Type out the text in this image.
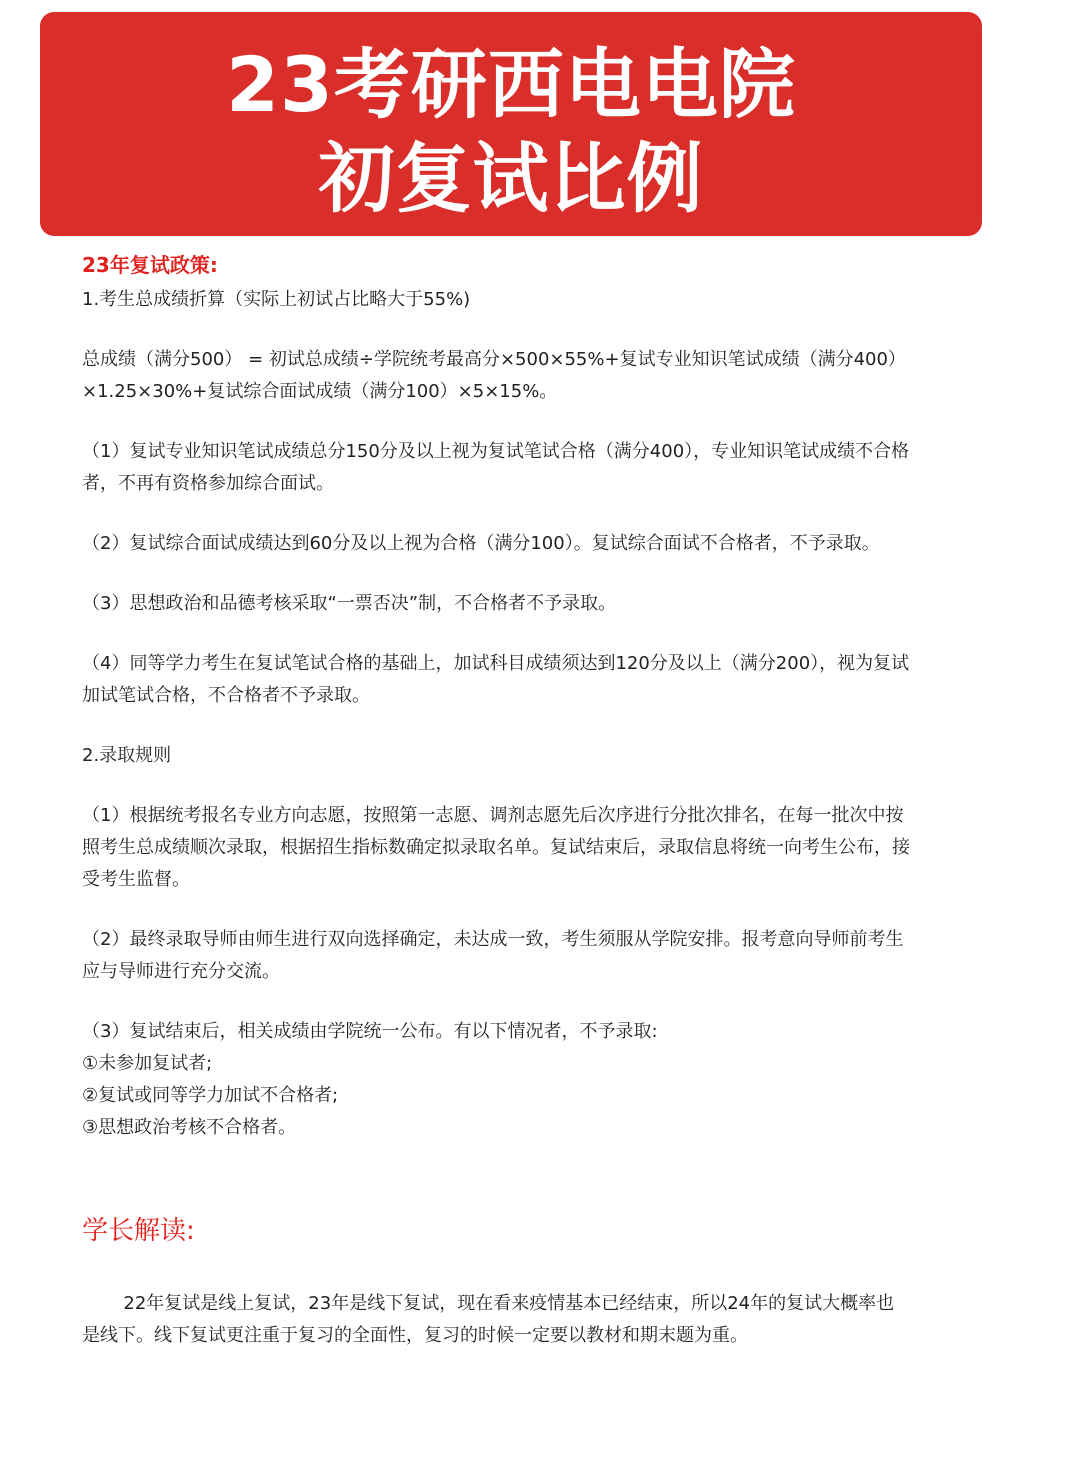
23考研西电电院
初复试比例

23年复试政策:

1.考生总成绩折算（实际上初试占比略大于55%)

总成绩（满分500） = 初试总成绩÷学院统考最高分×500×55%+复试专业知识笔试成绩（满分400）×1.25×30%+复试综合面试成绩（满分100）×5×15%。

（1）复试专业知识笔试成绩总分150分及以上视为复试笔试合格（满分400），专业知识笔试成绩不合格者，不再有资格参加综合面试。

（2）复试综合面试成绩达到60分及以上视为合格（满分100）。复试综合面试不合格者，不予录取。

（3）思想政治和品德考核采取“一票否决”制，不合格者不予录取。

（4）同等学力考生在复试笔试合格的基础上，加试科目成绩须达到120分及以上（满分200），视为复试加试笔试合格，不合格者不予录取。

2.录取规则

（1）根据统考报名专业方向志愿，按照第一志愿、调剂志愿先后次序进行分批次排名，在每一批次中按照考生总成绩顺次录取，根据招生指标数确定拟录取名单。复试结束后，录取信息将统一向考生公布，接受考生监督。

（2）最终录取导师由师生进行双向选择确定，未达成一致，考生须服从学院安排。报考意向导师前考生应与导师进行充分交流。

（3）复试结束后，相关成绩由学院统一公布。有以下情况者，不予录取:

①未参加复试者;

②复试或同等学力加试不合格者;

③思想政治考核不合格者。

学长解读:

22年复试是线上复试，23年是线下复试，现在看来疫情基本已经结束，所以24年的复试大概率也是线下。线下复试更注重于复习的全面性，复习的时候一定要以教材和期末题为重。
